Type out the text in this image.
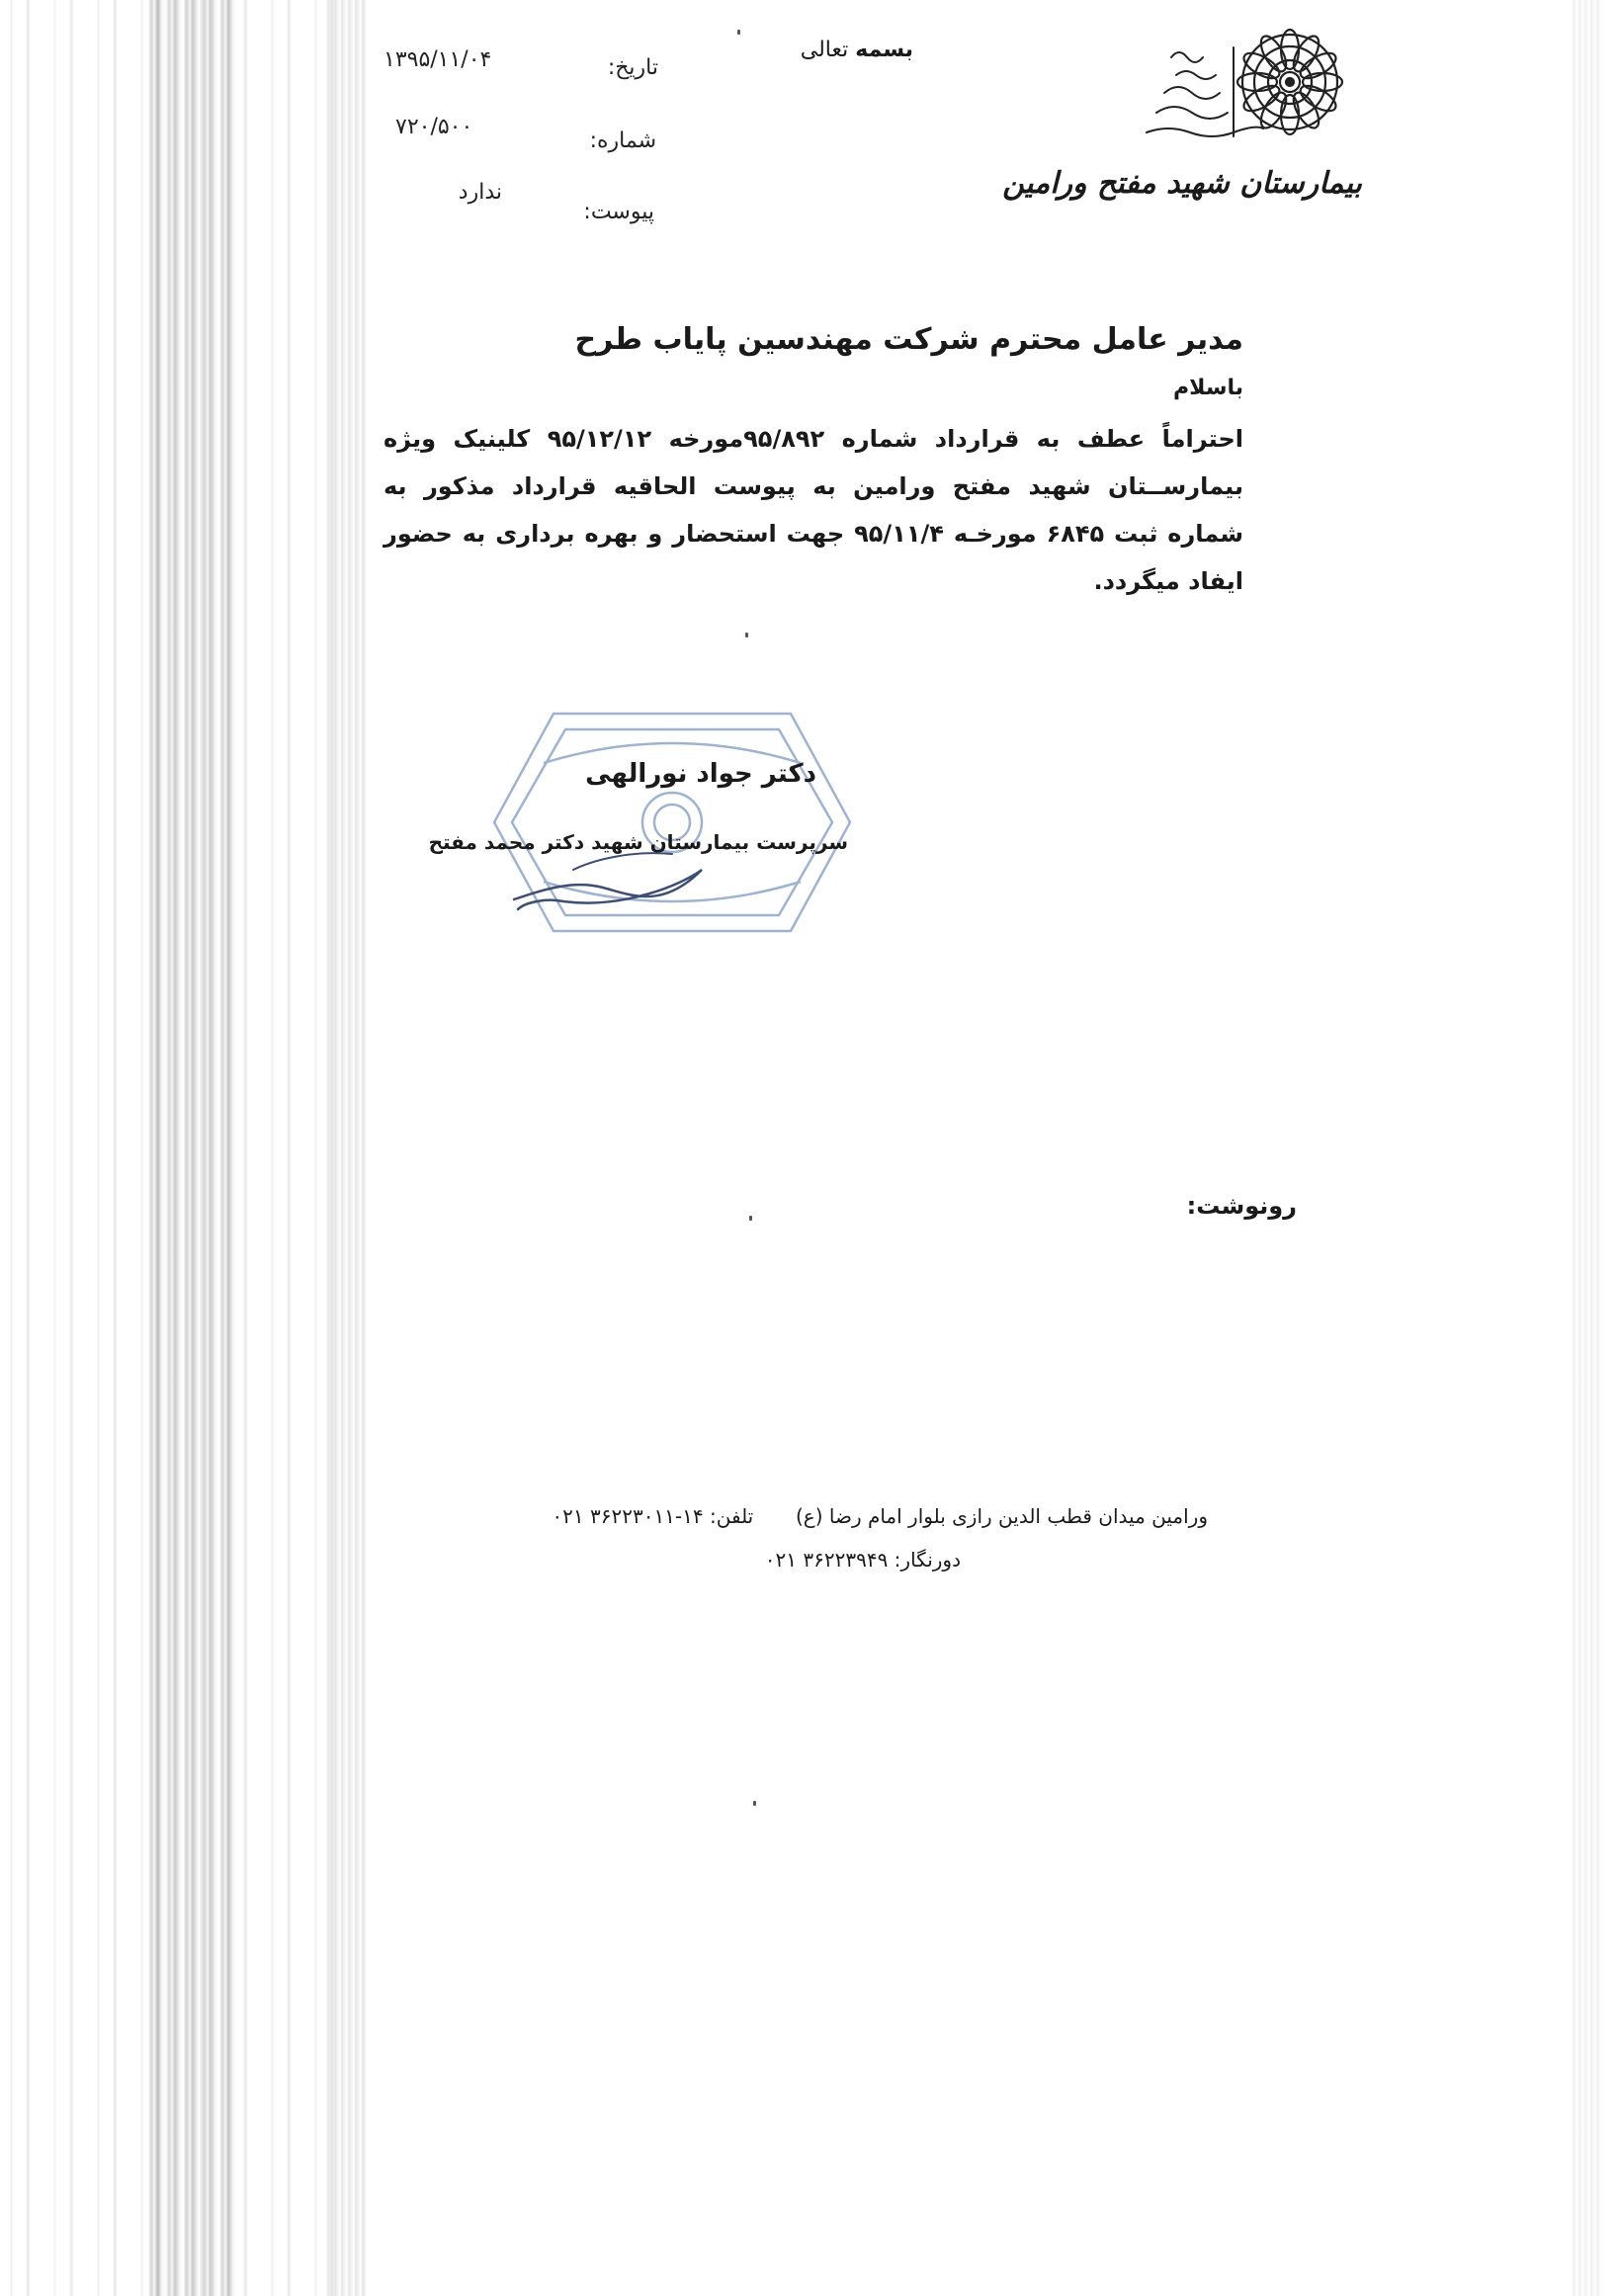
بسمه تعالی
تاریخ:
۱۳۹۵/۱۱/۰۴
شماره:
۷۲۰/۵۰۰
پیوست:
ندارد	بیمارستان شهید مفتح ورامین
مدیر عامل محترم شرکت مهندسین پایاب طرح
باسلام
احتراماً عطف به قرارداد شماره ۹۵/۸۹۲مورخه ۹۵/۱۲/۱۲ کلینیک ویژه بیمارســتان شهید مفتح ورامین به پیوست الحاقیه قرارداد مذکور به شماره ثبت ۶۸۴۵ مورخـه ۹۵/۱۱/۴ جهت استحضار و بهره برداری به حضور ایفاد میگردد.
دکتر جواد نورالهی
سرپرست بیمارستان شهید دکتر محمد مفتح
رونوشت:
ورامین میدان قطب الدین رازی بلوار امام رضا (ع)  تلفن: ۱۴-۳۶۲۲۳۰۱۱ ۰۲۱
دورنگار: ۳۶۲۲۳۹۴۹ ۰۲۱
